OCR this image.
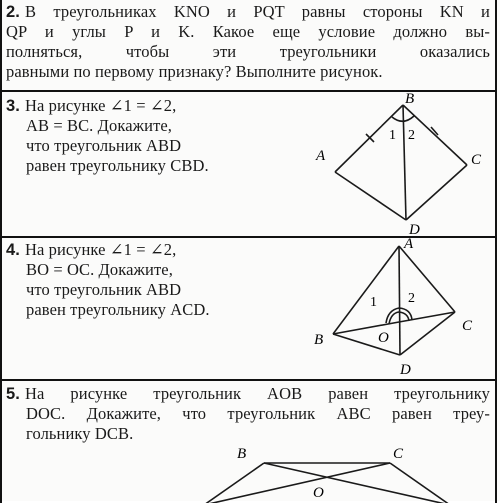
2. В треугольниках KNO и PQT равны стороны KN и
QP и углы P и K. Какое еще условие должно вы-
полняться, чтобы эти треугольники оказались
равными по первому признаку? Выполните рисунок.
3. На рисунке ∠1 = ∠2,
AB = BC. Докажите,
что треугольник ABD
равен треугольнику CBD.
B
A	C
D
1 2
4. На рисунке ∠1 = ∠2,
BO = OC. Докажите,
что треугольник ABD
равен треугольнику ACD.
A
B
C
O
D
1 2
5. На рисунке треугольник AOB равен треугольнику
DOC. Докажите, что треугольник ABC равен треу-
гольнику DCB.
B	C
O
